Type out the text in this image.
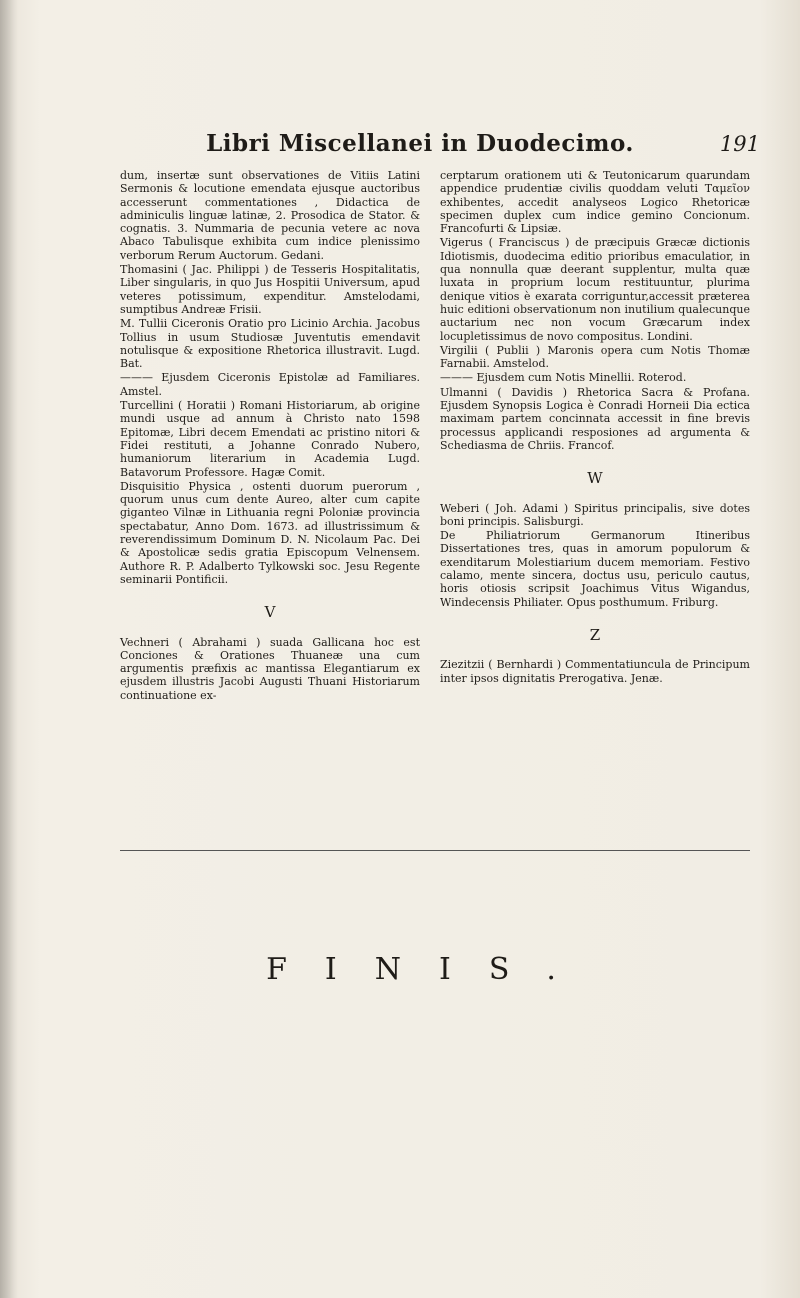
Libri Miscellanei in Duodecimo.	191

dum, insertæ sunt observationes de Vitiis Latini Sermonis & locutione emendata ejusque auctoribus accesserunt commentationes , Didactica de adminiculis linguæ latinæ, 2. Prosodica de Stator. & cognatis. 3. Nummaria de pecunia vetere ac nova Abaco Tabulisque exhibita cum indice plenissimo verborum Rerum Auctorum. Gedani.

Thomasini ( Jac. Philippi ) de Tesseris Hospitalitatis, Liber singularis, in quo Jus Hospitii Universum, apud veteres potissimum, expenditur. Amstelodami, sumptibus Andreæ Frisii.

M. Tullii Ciceronis Oratio pro Licinio Archia. Jacobus Tollius in usum Studiosæ Juventutis emendavit notulisque & expositione Rhetorica illustravit. Lugd. Bat.

——— Ejusdem Ciceronis Epistolæ ad Familiares. Amstel.

Turcellini ( Horatii ) Romani Historiarum, ab origine mundi usque ad annum à Christo nato 1598 Epitomæ, Libri decem Emendati ac pristino nitori & Fidei restituti, a Johanne Conrado Nubero, humaniorum literarium in Academia Lugd. Batavorum Professore. Hagæ Comit.

Disquisitio Physica , ostenti duorum puerorum , quorum unus cum dente Aureo, alter cum capite giganteo Vilnæ in Lithuania regni Poloniæ provincia spectabatur, Anno Dom. 1673. ad illustrissimum & reverendissimum Dominum D. N. Nicolaum Pac. Dei & Apostolicæ sedis gratia Episcopum Velnensem. Authore R. P. Adalberto Tylkowski soc. Jesu Regente seminarii Pontificii.

V

Vechneri ( Abrahami ) suada Gallicana hoc est Conciones & Orationes Thuaneæ una cum argumentis præfixis ac mantissa Elegantiarum ex ejusdem illustris Jacobi Augusti Thuani Historiarum continuatione ex-

cerptarum orationem uti & Teutonicarum quarundam appendice prudentiæ civilis quoddam veluti Ταμεῖον exhibentes, accedit analyseos Logico Rhetoricæ specimen duplex cum indice gemino Concionum. Francofurti & Lipsiæ.

Vigerus ( Franciscus ) de præcipuis Græcæ dictionis Idiotismis, duodecima editio prioribus emaculatior, in qua nonnulla quæ deerant supplentur, multa quæ luxata in proprium locum restituuntur, plurima denique vitios è exarata corriguntur,accessit præterea huic editioni observationum non inutilium qualecunque auctarium nec non vocum Græcarum index locupletissimus de novo compositus. Londini.

Virgilii ( Publii ) Maronis opera cum Notis Thomæ Farnabii. Amstelod.

——— Ejusdem cum Notis Minellii. Roterod.

Ulmanni ( Davidis ) Rhetorica Sacra & Profana. Ejusdem Synopsis Logica è Conradi Horneii Dia ectica maximam partem concinnata accessit in fine brevis processus applicandi resposiones ad argumenta & Schediasma de Chriis. Francof.

W

Weberi ( Joh. Adami ) Spiritus principalis, sive dotes boni principis. Salisburgi.

De Philiatriorum Germanorum Itineribus Dissertationes tres, quas in amorum populorum & exenditarum Molestiarium ducem memoriam. Festivo calamo, mente sincera, doctus usu, periculo cautus, horis otiosis scripsit Joachimus Vitus Wigandus, Windecensis Philiater. Opus posthumum. Friburg.

Z

Ziezitzii ( Bernhardi ) Commentatiuncula de Principum inter ipsos dignitatis Prerogativa. Jenæ.

FINIS.
